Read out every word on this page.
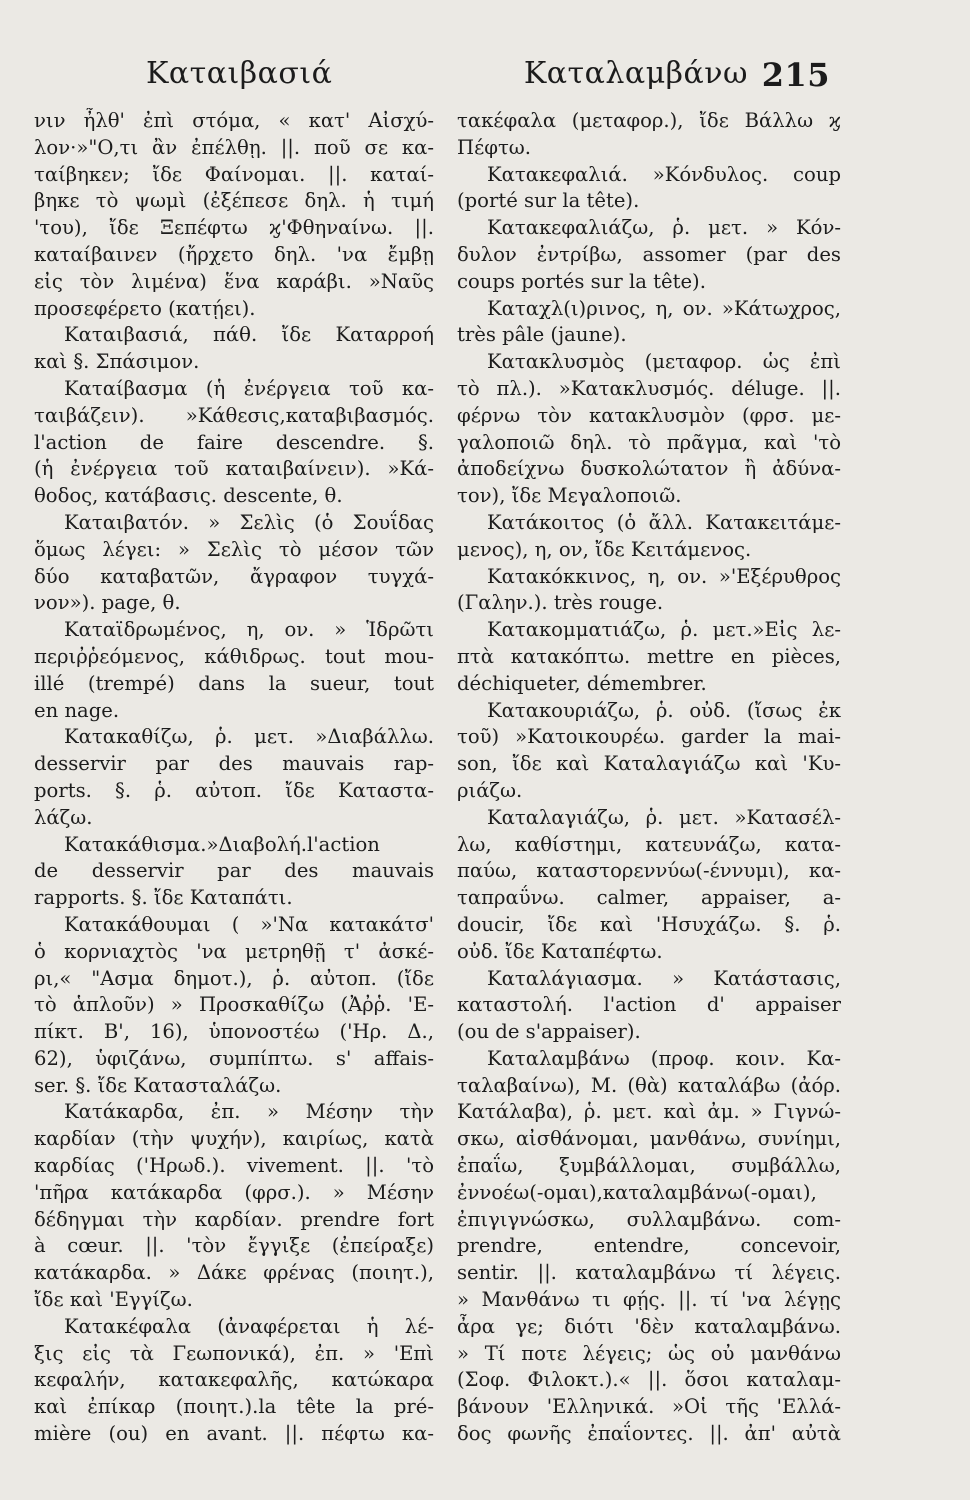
Καταιβασιά	Καταλαμβάνω 215
νιν ἦλθ' ἐπὶ στόμα, « κατ' Αἰσχύ-
λον·»"Ο,τι ἂν ἐπέλθῃ. ||. ποῦ σε κα-
ταίβηκεν; ἴδε Φαίνομαι. ||. καταί-
βηκε τὸ ψωμὶ (ἐξέπεσε δηλ. ἡ τιμή
'του), ἴδε Ξεπέφτω ϗ'Φθηναίνω. ||.
καταίβαινεν (ἤρχετο δηλ. 'να ἔμβῃ
εἰς τὸν λιμένα) ἕνα καράβι. »Ναῦς
προσεφέρετο (κατῄει).
Καταιβασιά, πάθ. ἴδε Καταρροή
καὶ §. Σπάσιμον.
Καταίβασμα (ἡ ἐνέργεια τοῦ κα-
ταιβάζειν). »Κάθεσις,καταβιβασμός.
l'action de faire descendre. §.
(ἡ ἐνέργεια τοῦ καταιβαίνειν). »Κά-
θοδος, κατάβασις. descente, θ.
Καταιβατόν. » Σελὶς (ὁ Σουΐδας
ὅμως λέγει: » Σελὶς τὸ μέσον τῶν
δύο καταβατῶν, ἄγραφον τυγχά-
νον»). page, θ.
Καταϊδρωμένος, η, ον. » Ἱδρῶτι
περιῤῥεόμενος, κάθιδρως. tout mou-
illé (trempé) dans la sueur, tout
en nage.
Κατακαθίζω, ῥ. μετ. »Διαβάλλω.
desservir par des mauvais rap-
ports. §. ῥ. αὐτοπ. ἴδε Καταστα-
λάζω.
Κατακάθισμα.»Διαβολή.l'action
de desservir par des mauvais
rapports. §. ἴδε Καταπάτι.
Κατακάθουμαι ( »'Να κατακάτσ'
ὁ κορνιαχτὸς 'να μετρηθῇ τ' ἀσκέ-
ρι,« "Ασμα δημοτ.), ῥ. αὐτοπ. (ἴδε
τὸ ἁπλοῦν) » Προσκαθίζω (Ἀῤῥ. 'Ε-
πίκτ. Β', 16), ὑπονοστέω ('Ηρ. Δ.,
62), ὑφιζάνω, συμπίπτω. s' affais-
ser. §. ἴδε Κατασταλάζω.
Κατάκαρδα, ἐπ. » Μέσην τὴν
καρδίαν (τὴν ψυχήν), καιρίως, κατὰ
καρδίας ('Ηρωδ.). vivement. ||. 'τὸ
'πῆρα κατάκαρδα (φρσ.). » Μέσην
δέδηγμαι τὴν καρδίαν. prendre fort
à cœur. ||. 'τὸν ἔγγιξε (ἐπείραξε)
κατάκαρδα. » Δάκε φρένας (ποιητ.),
ἴδε καὶ 'Εγγίζω.
Κατακέφαλα (ἀναφέρεται ἡ λέ-
ξις εἰς τὰ Γεωπονικά), ἐπ. » 'Επὶ
κεφαλήν, κατακεφαλῆς, κατώκαρα
καὶ ἐπίκαρ (ποιητ.).la tête la pré-
mière (ou) en avant. ||. πέφτω κα-
τακέφαλα (μεταφορ.), ἴδε Βάλλω ϗ
Πέφτω.
Κατακεφαλιά. »Κόνδυλος. coup
(porté sur la tête).
Κατακεφαλιάζω, ῥ. μετ. » Κόν-
δυλον ἐντρίβω, assomer (par des
coups portés sur la tête).
Καταχλ(ι)ρινος, η, ον. »Κάτωχρος,
très pâle (jaune).
Κατακλυσμὸς (μεταφορ. ὡς ἐπὶ
τὸ πλ.). »Κατακλυσμός. déluge. ||.
φέρνω τὸν κατακλυσμὸν (φρσ. με-
γαλοποιῶ δηλ. τὸ πρᾶγμα, καὶ 'τὸ
ἀποδείχνω δυσκολώτατον ἢ ἀδύνα-
τον), ἴδε Μεγαλοποιῶ.
Κατάκοιτος (ὁ ἄλλ. Κατακειτάμε-
μενος), η, ον, ἴδε Κειτάμενος.
Κατακόκκινος, η, ον. »'Εξέρυθρος
(Γαλην.). très rouge.
Κατακομματιάζω, ῥ. μετ.»Εἰς λε-
πτὰ κατακόπτω. mettre en pièces,
déchiqueter, démembrer.
Κατακουριάζω, ῥ. οὐδ. (ἴσως ἐκ
τοῦ) »Κατοικουρέω. garder la mai-
son, ἴδε καὶ Καταλαγιάζω καὶ 'Κυ-
ριάζω.
Καταλαγιάζω, ῥ. μετ. »Κατασέλ-
λω, καθίστημι, κατευνάζω, κατα-
παύω, καταστορεννύω(-έννυμι), κα-
ταπραΰνω. calmer, appaiser, a-
doucir, ἴδε καὶ 'Ησυχάζω. §. ῥ.
οὐδ. ἴδε Καταπέφτω.
Καταλάγιασμα. » Κατάστασις,
καταστολή. l'action d' appaiser
(ou de s'appaiser).
Καταλαμβάνω (προφ. κοιν. Κα-
ταλαβαίνω), Μ. (θὰ) καταλάβω (ἀόρ.
Κατάλαβα), ῥ. μετ. καὶ ἀμ. » Γιγνώ-
σκω, αἰσθάνομαι, μανθάνω, συνίημι,
ἐπαΐω, ξυμβάλλομαι, συμβάλλω,
ἐννοέω(-ομαι),καταλαμβάνω(-ομαι),
ἐπιγιγνώσκω, συλλαμβάνω. com-
prendre, entendre, concevoir,
sentir. ||. καταλαμβάνω τί λέγεις.
» Μανθάνω τι φῄς. ||. τί 'να λέγῃς
ἆρα γε; διότι 'δὲν καταλαμβάνω.
» Τί ποτε λέγεις; ὡς οὐ μανθάνω
(Σοφ. Φιλοκτ.).« ||. ὅσοι καταλαμ-
βάνουν 'Ελληνικά. »Οἱ τῆς 'Ελλά-
δος φωνῆς ἐπαΐοντες. ||. ἀπ' αὐτὰ
